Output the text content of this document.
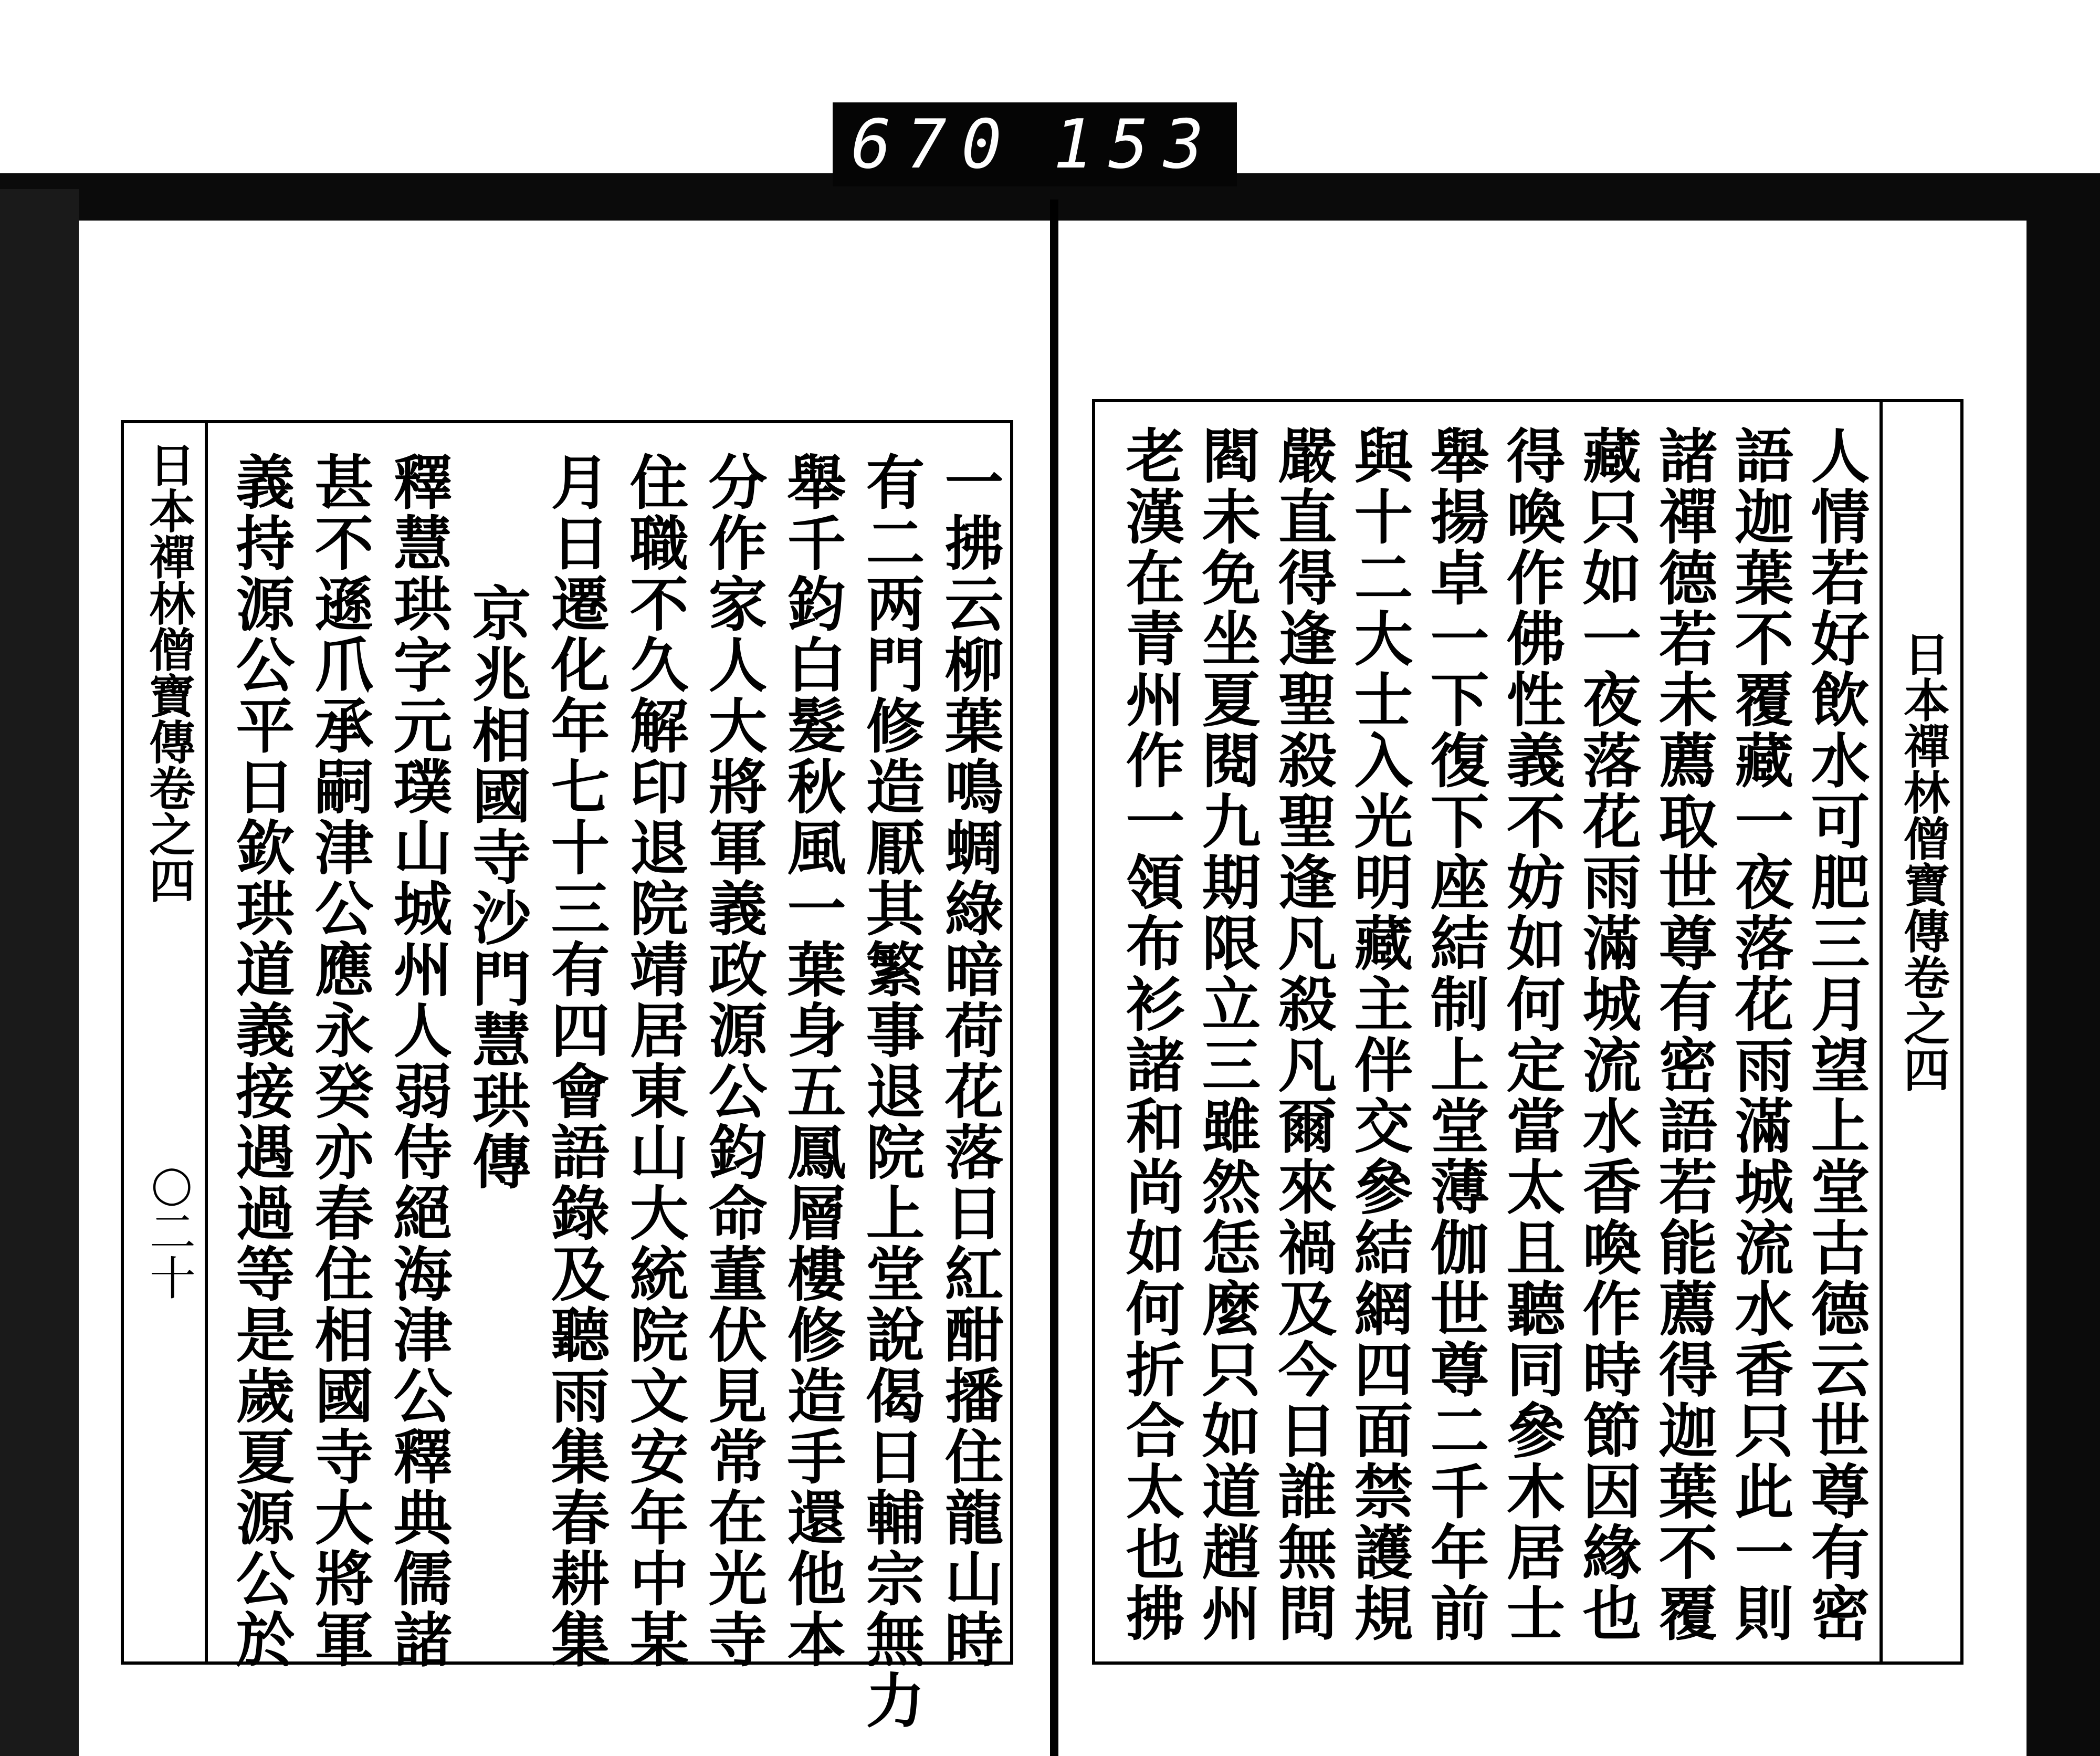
670 153
日本禪林僧寶傳卷之四
二十
◯	一拂云柳葉鳴蜩綠暗荷花落日紅酣播住龍山時
有二两門修造厭其繁事退院上堂說偈日輔宗無力
舉千鈞白髮秋風一葉身五鳳層樓修造手還他本
分作家人大將軍義政源公鈞命董伏見常在光寺
住職不久解印退院靖居東山大統院文安年中某
月日遷化年七十三有四會語錄及聽雨集春耕集
京兆相國寺沙門慧珙傳
釋慧珙字元璞山城州人弱侍絕海津公釋典儒諸
甚不遜爪承嗣津公應永癸亦春住相國寺大將軍
義持源公平日欽珙道義接遇過等是歲夏源公於	日本禪林僧寶傳卷之四
人情若好飲水可肥三月望上堂古德云世尊有密
語迦葉不覆藏一夜落花雨滿城流水香只此一則
諸禪德若未薦取世尊有密語若能薦得迦葉不覆
藏只如一夜落花雨滿城流水香喚作時節因緣也
得喚作佛性義不妨如何定當太且聽同參木居士
舉揚卓一下復下座結制上堂薄伽世尊二千年前
與十二大士入光明藏主伴交參結網四面禁護規
嚴直得逢聖殺聖逢凡殺凡爾來禍及今日誰無問
閻未免坐夏閱九期限立三雖然恁麼只如道趙州
老漢在青州作一領布衫諸和尚如何折合太也拂
